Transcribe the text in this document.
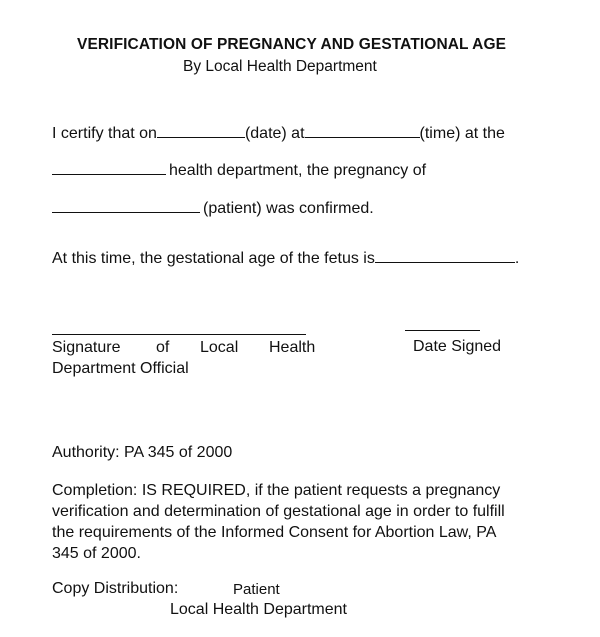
VERIFICATION OF PREGNANCY AND GESTATIONAL AGE
By Local Health Department
I certify that on	(date) at	(time) at the
health department, the pregnancy of
(patient) was confirmed.
At this time, the gestational age of the fetus is	.
Signature of Local Health
Department Official
Date Signed
Authority: PA 345 of 2000
Completion: IS REQUIRED, if the patient requests a pregnancy verification and determination of gestational age in order to fulfill the requirements of the Informed Consent for Abortion Law, PA 345 of 2000.
Copy Distribution:	Patient
Local Health Department
